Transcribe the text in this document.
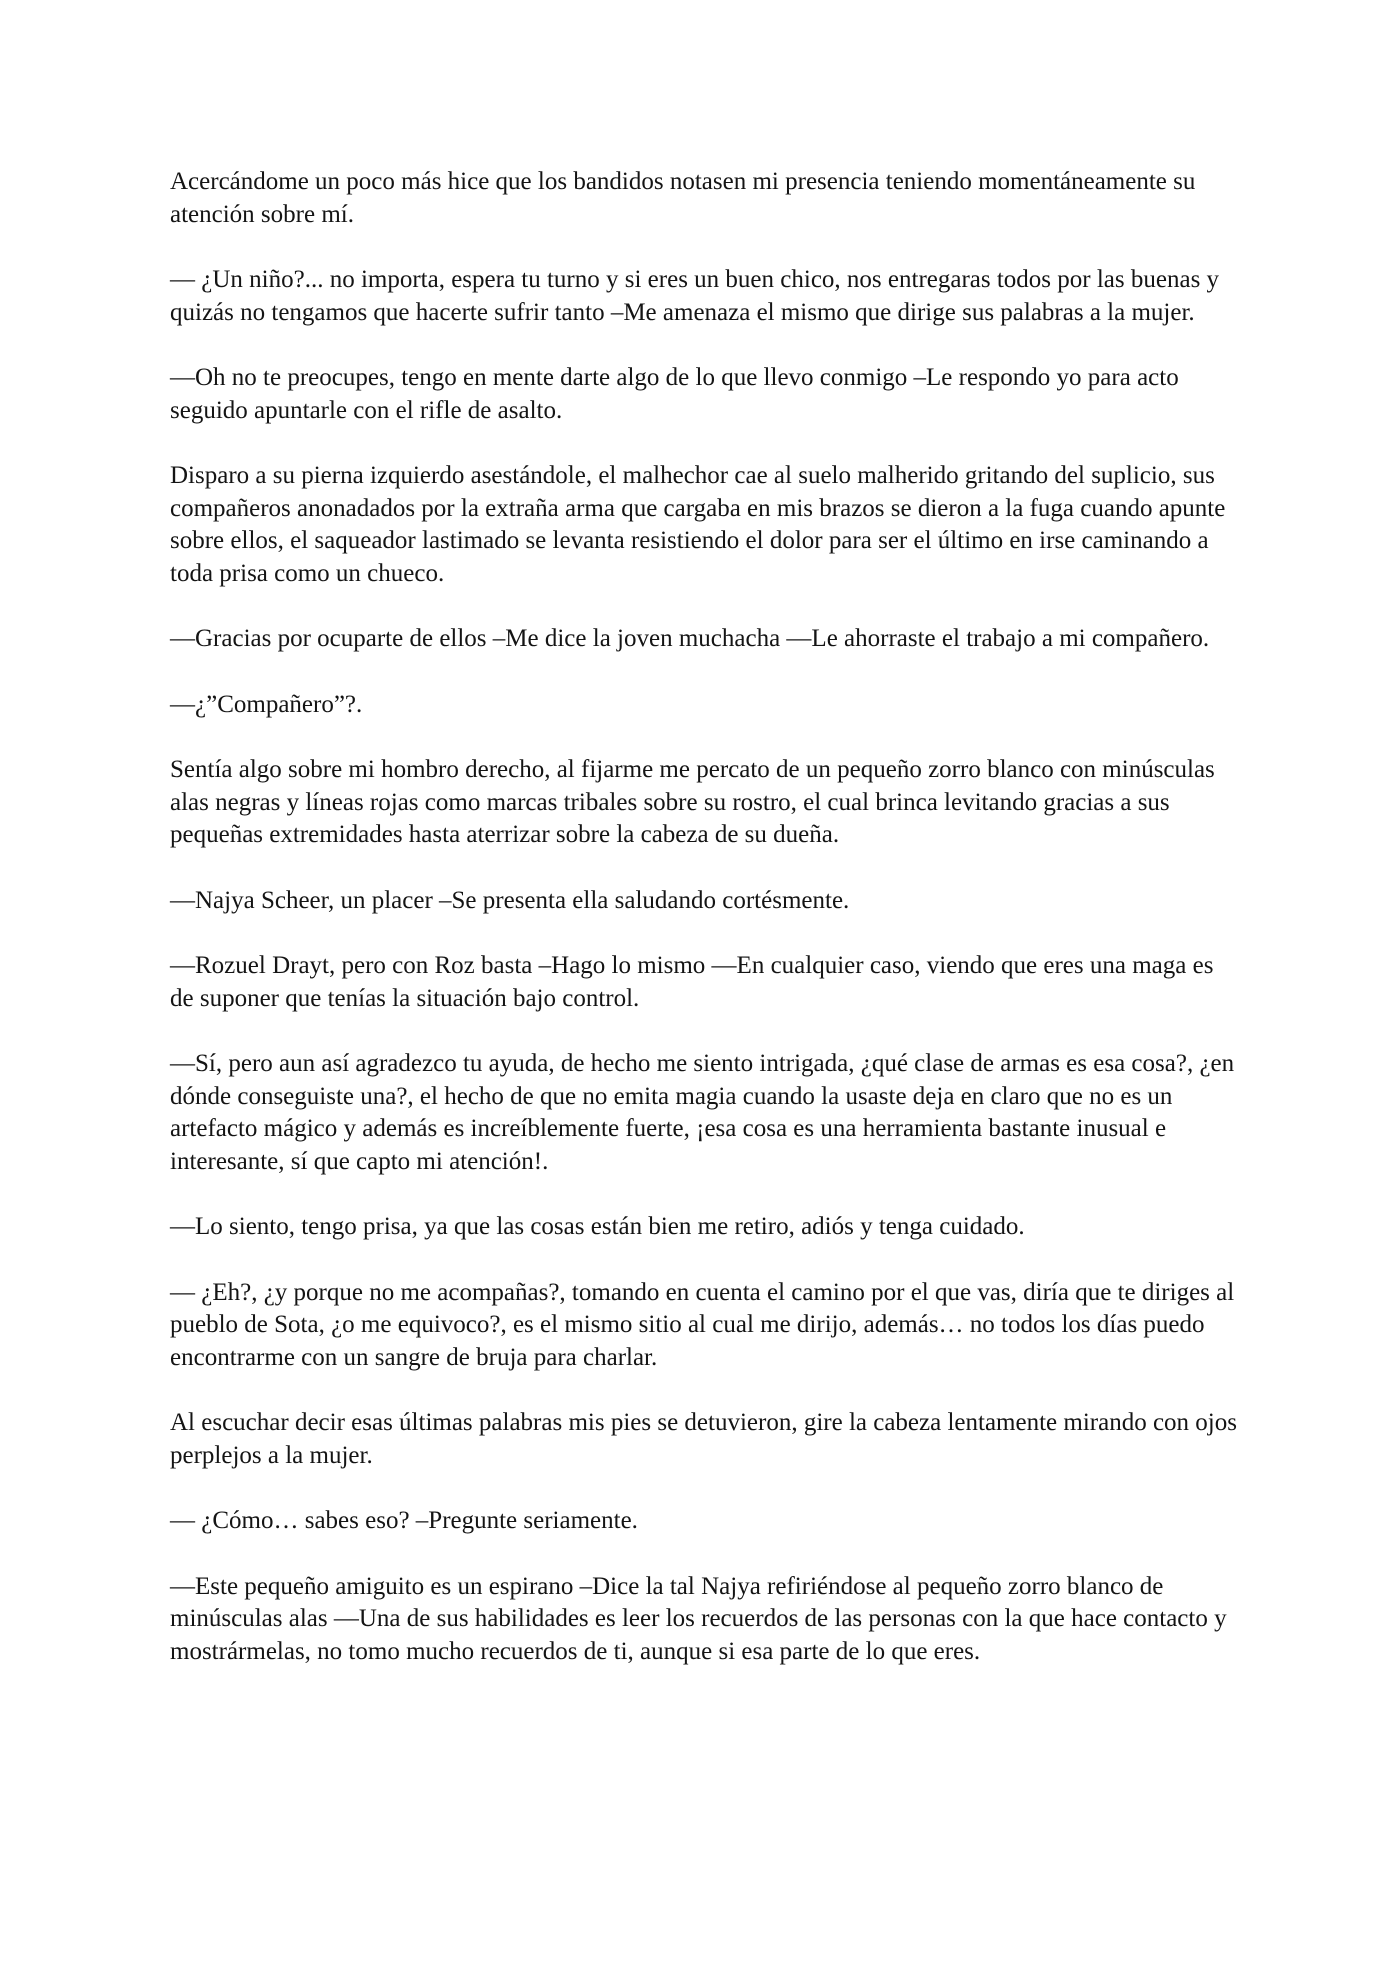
Acercándome un poco más hice que los bandidos notasen mi presencia teniendo momentáneamente su atención sobre mí.

— ¿Un niño?... no importa, espera tu turno y si eres un buen chico, nos entregaras todos por las buenas y quizás no tengamos que hacerte sufrir tanto –Me amenaza el mismo que dirige sus palabras a la mujer.

—Oh no te preocupes, tengo en mente darte algo de lo que llevo conmigo –Le respondo yo para acto seguido apuntarle con el rifle de asalto.

Disparo a su pierna izquierdo asestándole, el malhechor cae al suelo malherido gritando del suplicio, sus compañeros anonadados por la extraña arma que cargaba en mis brazos se dieron a la fuga cuando apunte sobre ellos, el saqueador lastimado se levanta resistiendo el dolor para ser el último en irse caminando a toda prisa como un chueco.

—Gracias por ocuparte de ellos –Me dice la joven muchacha —Le ahorraste el trabajo a mi compañero.

—¿”Compañero”?.

Sentía algo sobre mi hombro derecho, al fijarme me percato de un pequeño zorro blanco con minúsculas alas negras y líneas rojas como marcas tribales sobre su rostro, el cual brinca levitando gracias a sus pequeñas extremidades hasta aterrizar sobre la cabeza de su dueña.

—Najya Scheer, un placer –Se presenta ella saludando cortésmente.

—Rozuel Drayt, pero con Roz basta –Hago lo mismo —En cualquier caso, viendo que eres una maga es de suponer que tenías la situación bajo control.

—Sí, pero aun así agradezco tu ayuda, de hecho me siento intrigada, ¿qué clase de armas es esa cosa?, ¿en dónde conseguiste una?, el hecho de que no emita magia cuando la usaste deja en claro que no es un artefacto mágico y además es increíblemente fuerte, ¡esa cosa es una herramienta bastante inusual e interesante, sí que capto mi atención!.

—Lo siento, tengo prisa, ya que las cosas están bien me retiro, adiós y tenga cuidado.

— ¿Eh?, ¿y porque no me acompañas?, tomando en cuenta el camino por el que vas, diría que te diriges al pueblo de Sota, ¿o me equivoco?, es el mismo sitio al cual me dirijo, además… no todos los días puedo encontrarme con un sangre de bruja para charlar.

Al escuchar decir esas últimas palabras mis pies se detuvieron, gire la cabeza lentamente mirando con ojos perplejos a la mujer.

— ¿Cómo… sabes eso? –Pregunte seriamente.

—Este pequeño amiguito es un espirano –Dice la tal Najya refiriéndose al pequeño zorro blanco de minúsculas alas —Una de sus habilidades es leer los recuerdos de las personas con la que hace contacto y mostrármelas, no tomo mucho recuerdos de ti, aunque si esa parte de lo que eres.
